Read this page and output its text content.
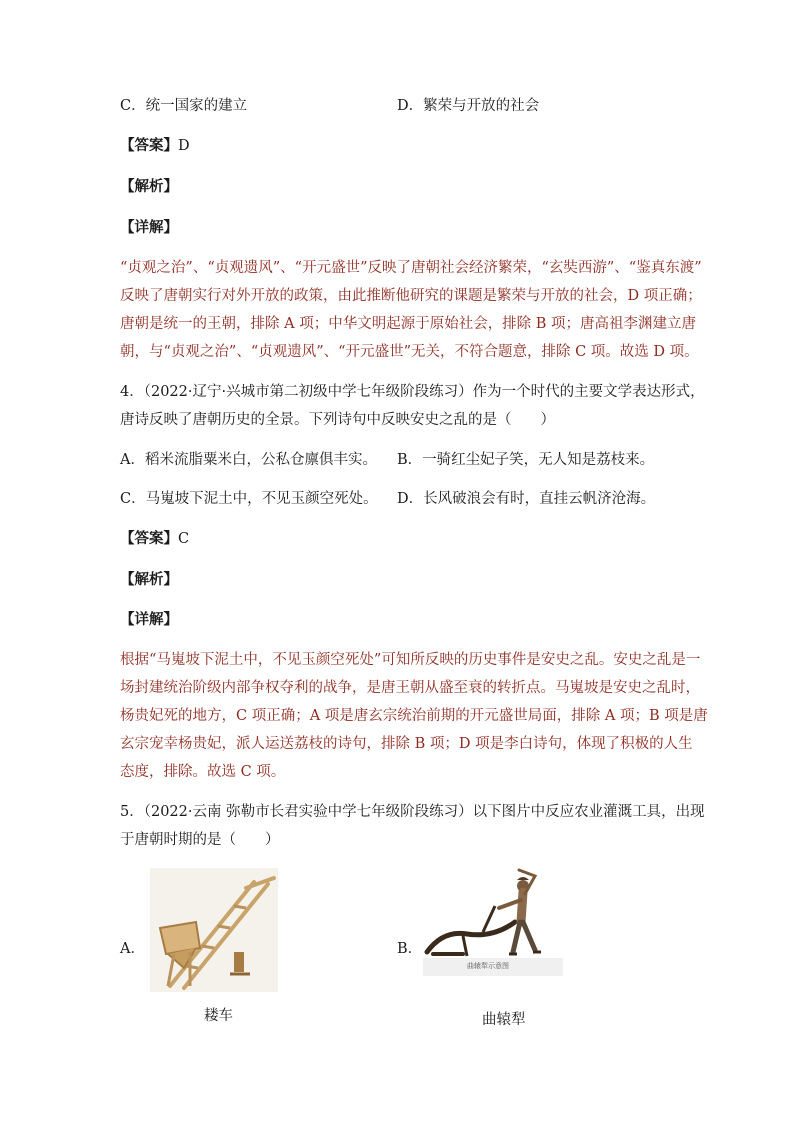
C．统一国家的建立	D．繁荣与开放的社会
【答案】D
【解析】
【详解】
“贞观之治”、“贞观遗风”、“开元盛世”反映了唐朝社会经济繁荣，“玄奘西游”、“鉴真东渡”
反映了唐朝实行对外开放的政策，由此推断他研究的课题是繁荣与开放的社会，D 项正确；
唐朝是统一的王朝，排除 A 项；中华文明起源于原始社会，排除 B 项；唐高祖李渊建立唐
朝，与“贞观之治”、“贞观遗风”、“开元盛世”无关，不符合题意，排除 C 项。故选 D 项。
4．（2022·辽宁·兴城市第二初级中学七年级阶段练习）作为一个时代的主要文学表达形式，
唐诗反映了唐朝历史的全景。下列诗句中反映安史之乱的是（　　）
A．稻米流脂粟米白，公私仓廪俱丰实。 B．一骑红尘妃子笑，无人知是荔枝来。
C．马嵬坡下泥土中，不见玉颜空死处。 D．长风破浪会有时，直挂云帆济沧海。
【答案】C
【解析】
【详解】
根据“马嵬坡下泥土中，不见玉颜空死处”可知所反映的历史事件是安史之乱。安史之乱是一
场封建统治阶级内部争权夺利的战争，是唐王朝从盛至衰的转折点。马嵬坡是安史之乱时，
杨贵妃死的地方，C 项正确；A 项是唐玄宗统治前期的开元盛世局面，排除 A 项；B 项是唐
玄宗宠幸杨贵妃，派人运送荔枝的诗句，排除 B 项；D 项是李白诗句，体现了积极的人生
态度，排除。故选 C 项。
5．（2022·云南 弥勒市长君实验中学七年级阶段练习）以下图片中反应农业灌溉工具，出现
于唐朝时期的是（　　）
A．
耧车
B．
曲辕犁示意图
曲辕犁
